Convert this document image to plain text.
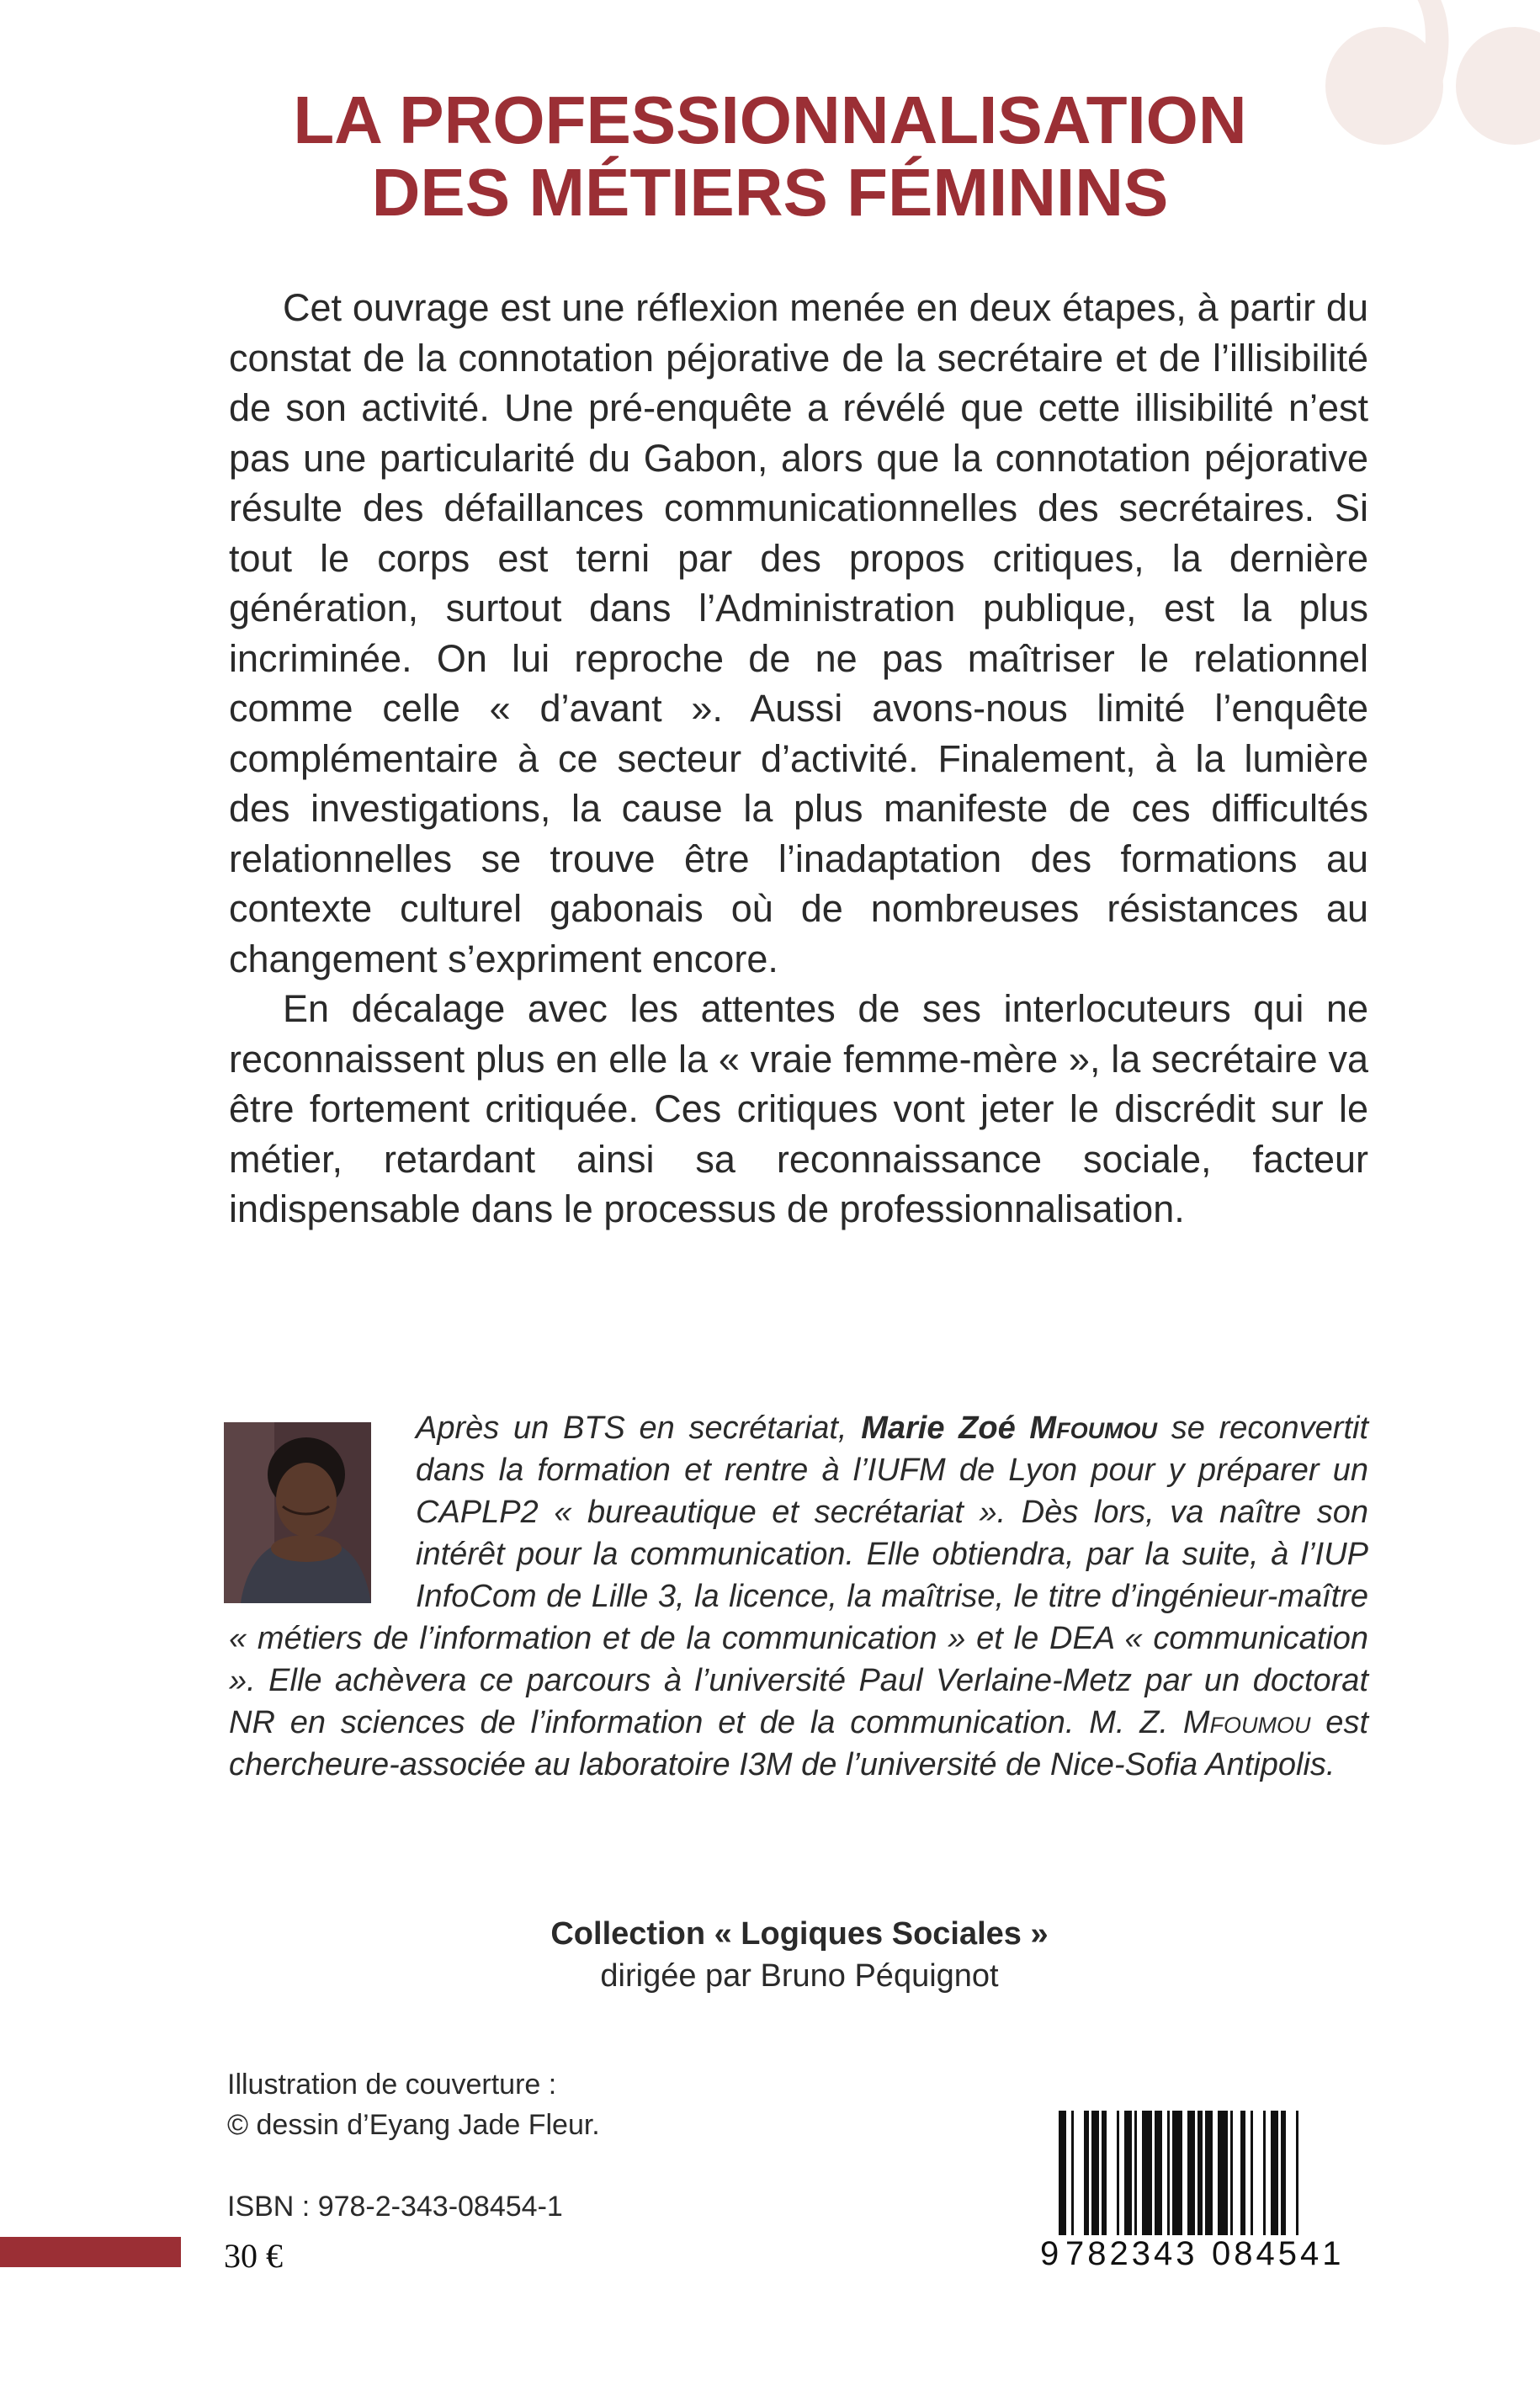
LA PROFESSIONNALISATION
DES MÉTIERS FÉMININS

Cet ouvrage est une réflexion menée en deux étapes, à partir du constat de la connotation péjorative de la secrétaire et de l’illisibilité de son activité. Une pré-enquête a révélé que cette illisibilité n’est pas une particularité du Gabon, alors que la connotation péjorative résulte des défaillances communicationnelles des secrétaires. Si tout le corps est terni par des propos critiques, la dernière génération, surtout dans l’Administration publique, est la plus incriminée. On lui reproche de ne pas maîtriser le relationnel comme celle « d’avant ». Aussi avons-nous limité l’enquête complémentaire à ce secteur d’activité. Finalement, à la lumière des investigations, la cause la plus manifeste de ces difficultés relationnelles se trouve être l’inadaptation des formations au contexte culturel gabonais où de nombreuses résistances au changement s’expriment encore.

En décalage avec les attentes de ses interlocuteurs qui ne reconnaissent plus en elle la « vraie femme-mère », la secrétaire va être fortement critiquée. Ces critiques vont jeter le discrédit sur le métier, retardant ainsi sa reconnaissance sociale, facteur indispensable dans le processus de professionnalisation.

Après un BTS en secrétariat, Marie Zoé Mfoumou se reconvertit dans la formation et rentre à l’IUFM de Lyon pour y préparer un CAPLP2 « bureautique et secrétariat ». Dès lors, va naître son intérêt pour la communication. Elle obtiendra, par la suite, à l’IUP InfoCom de Lille 3, la licence, la maîtrise, le titre d’ingénieur-maître « métiers de l’information et de la communication » et le DEA « communication ». Elle achèvera ce parcours à l’université Paul Verlaine-Metz par un doctorat NR en sciences de l’information et de la communication. M. Z. Mfoumou est chercheure-associée au laboratoire I3M de l’université de Nice-Sofia Antipolis.
Collection « Logiques Sociales »
dirigée par Bruno Péquignot
Illustration de couverture :
© dessin d’Eyang Jade Fleur.
ISBN : 978-2-343-08454-1
30 €	9 782343 084541
